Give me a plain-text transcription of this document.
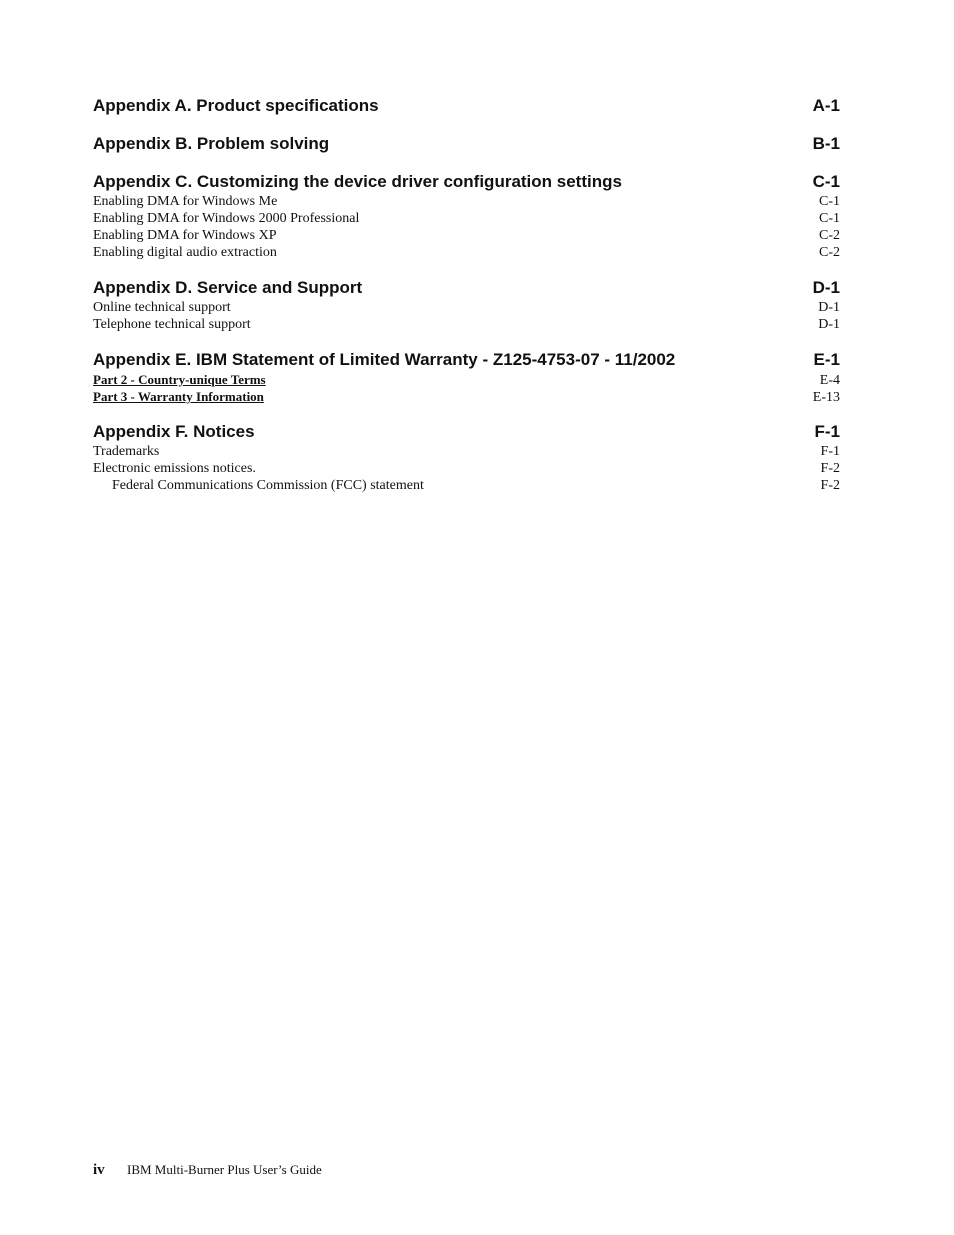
Appendix A. Product specifications	A-1
Appendix B. Problem solving	B-1
Appendix C. Customizing the device driver configuration settings	C-1
Enabling DMA for Windows Me	C-1
Enabling DMA for Windows 2000 Professional	C-1
Enabling DMA for Windows XP	C-2
Enabling digital audio extraction	C-2
Appendix D. Service and Support	D-1
Online technical support	D-1
Telephone technical support	D-1
Appendix E. IBM Statement of Limited Warranty - Z125-4753-07 - 11/2002	E-1
Part 2 - Country-unique Terms	E-4
Part 3 - Warranty Information	E-13
Appendix F. Notices	F-1
Trademarks	F-1
Electronic emissions notices.	F-2
Federal Communications Commission (FCC) statement	F-2
iv	IBM Multi-Burner Plus User’s Guide
